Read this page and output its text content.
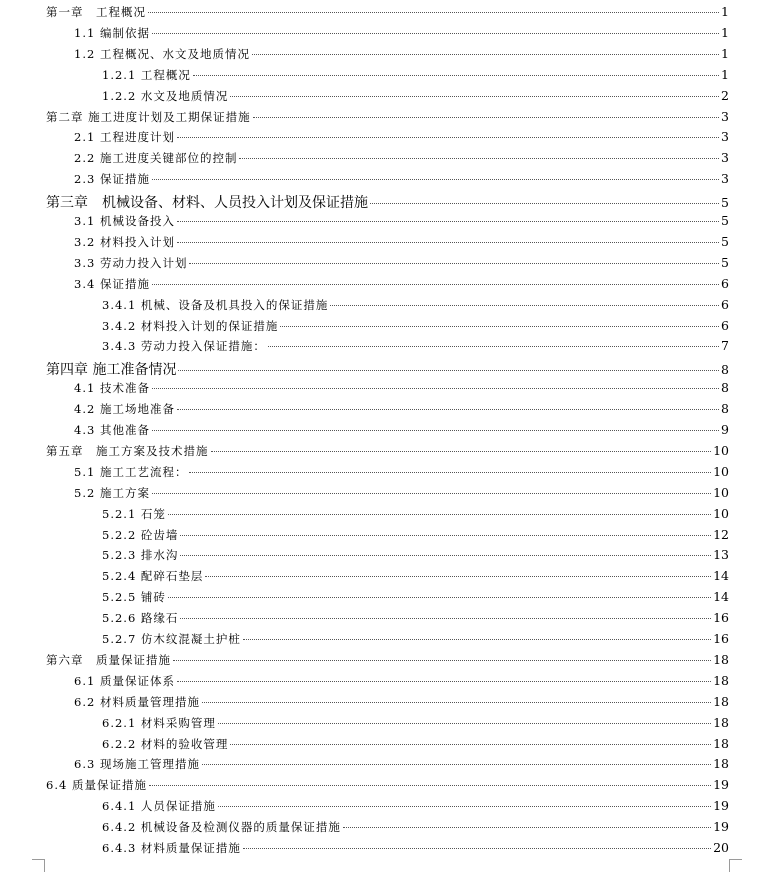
第一章　工程概况	1
1.1 编制依据	1
1.2 工程概况、水文及地质情况	1
1.2.1 工程概况	1
1.2.2 水文及地质情况	2
第二章 施工进度计划及工期保证措施	3
2.1 工程进度计划	3
2.2 施工进度关键部位的控制	3
2.3 保证措施	3
第三章　机械设备、材料、人员投入计划及保证措施	5
3.1 机械设备投入	5
3.2 材料投入计划	5
3.3 劳动力投入计划	5
3.4 保证措施	6
3.4.1 机械、设备及机具投入的保证措施	6
3.4.2 材料投入计划的保证措施	6
3.4.3 劳动力投入保证措施：	7
第四章 施工准备情况	8
4.1 技术准备	8
4.2 施工场地准备	8
4.3 其他准备	9
第五章　施工方案及技术措施	10
5.1 施工工艺流程：	10
5.2 施工方案	10
5.2.1 石笼	10
5.2.2 砼齿墙	12
5.2.3 排水沟	13
5.2.4 配碎石垫层	14
5.2.5 铺砖	14
5.2.6 路缘石	16
5.2.7 仿木纹混凝土护桩	16
第六章　质量保证措施	18
6.1 质量保证体系	18
6.2 材料质量管理措施	18
6.2.1 材料采购管理	18
6.2.2 材料的验收管理	18
6.3 现场施工管理措施	18
6.4 质量保证措施	19
6.4.1 人员保证措施	19
6.4.2 机械设备及检测仪器的质量保证措施	19
6.4.3 材料质量保证措施	20
